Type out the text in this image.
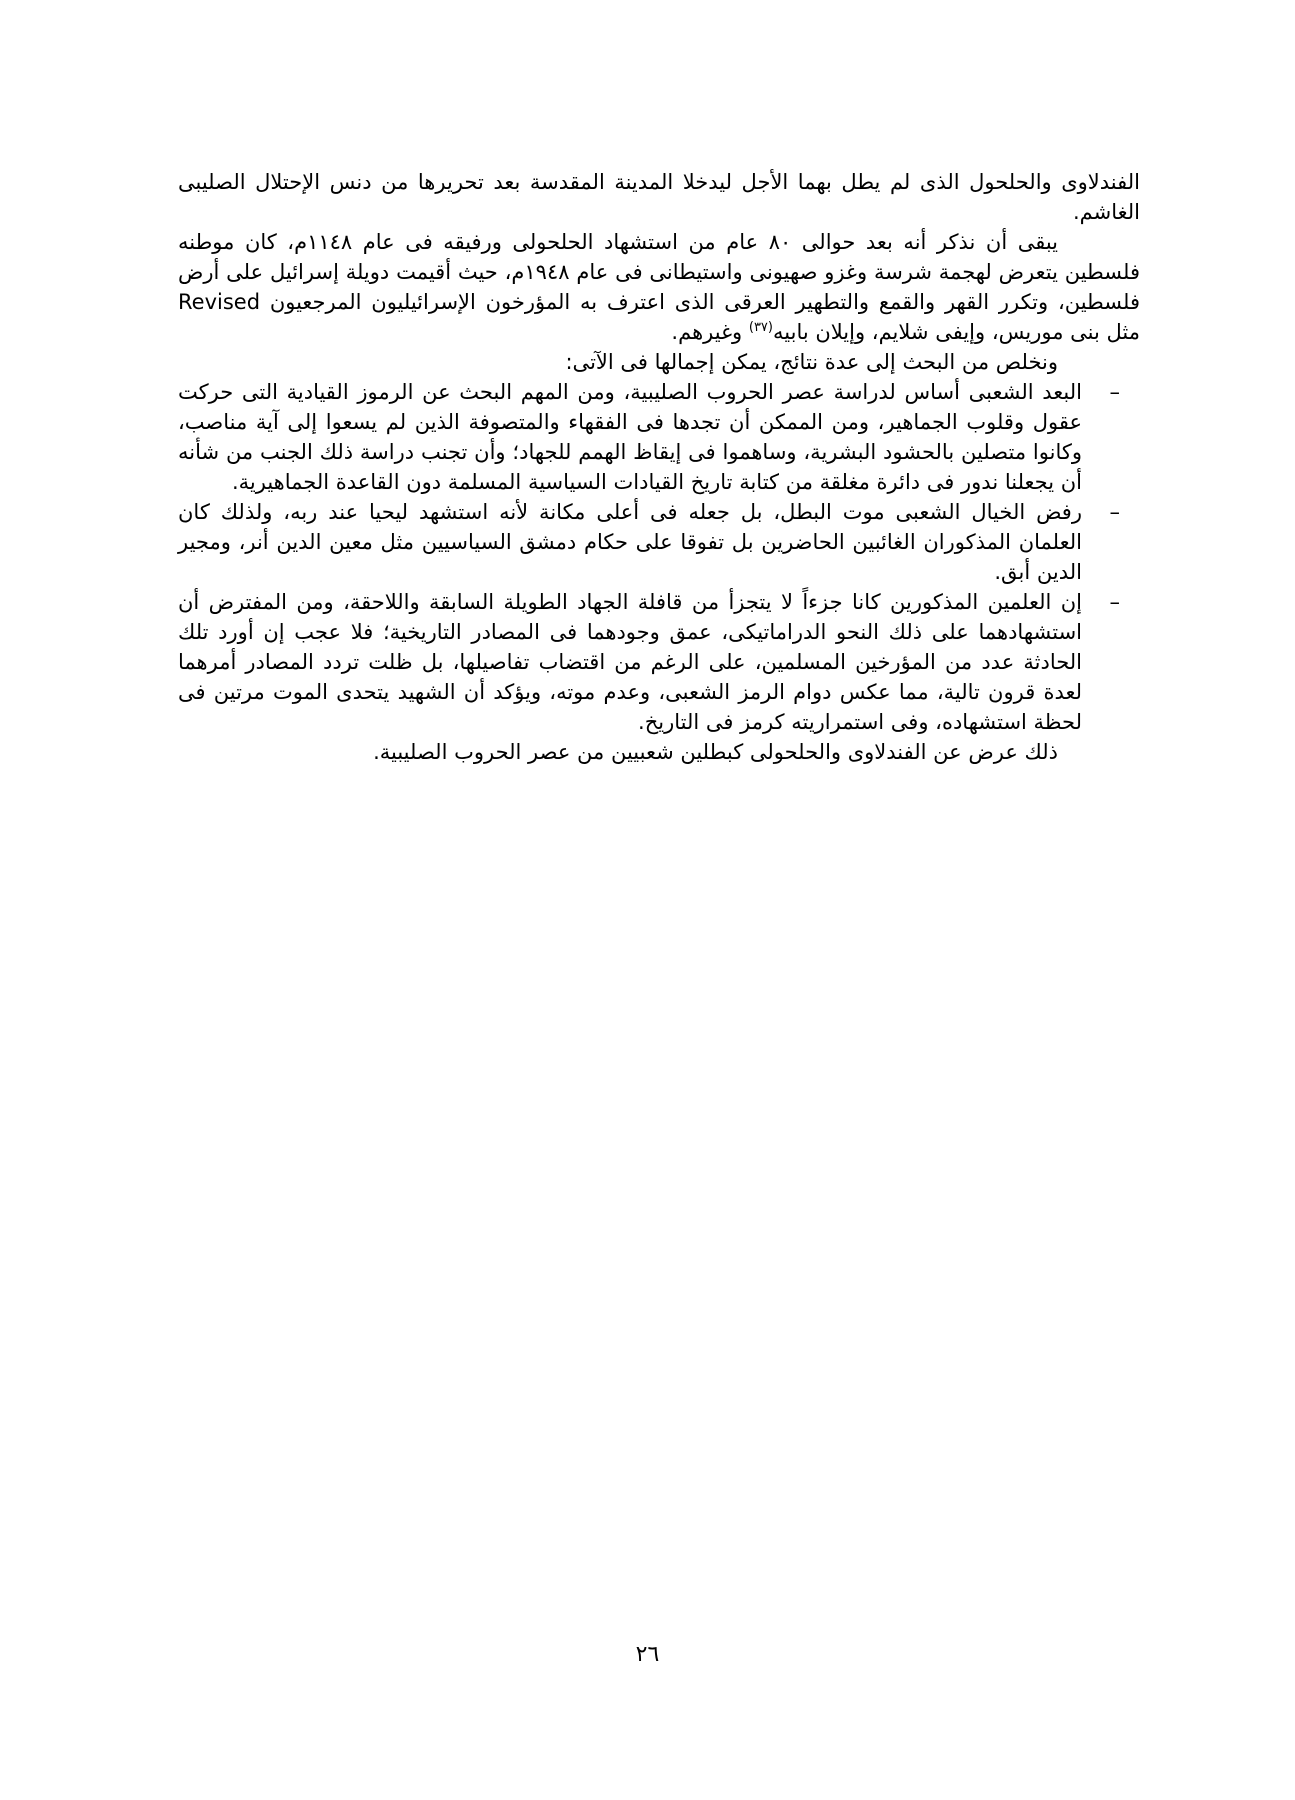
الفندلاوى والحلحول الذى لم يطل بهما الأجل ليدخلا المدينة المقدسة بعد تحريرها من دنس الإحتلال الصليبى الغاشم.

يبقى أن نذكر أنه بعد حوالى ٨٠ عام من استشهاد الحلحولى ورفيقه فى عام ١١٤٨م، كان موطنه فلسطين يتعرض لهجمة شرسة وغزو صهيونى واستيطانى فى عام ١٩٤٨م، حيث أقيمت دويلة إسرائيل على أرض فلسطين، وتكرر القهر والقمع والتطهير العرقى الذى اعترف به المؤرخون الإسرائيليون المرجعيون Revised مثل بنى موريس، وإيفى شلايم، وإيلان بابيه$^{(٣٧)}$ وغيرهم.

ونخلص من البحث إلى عدة نتائج، يمكن إجمالها فى الآتى:

–
البعد الشعبى أساس لدراسة عصر الحروب الصليبية، ومن المهم البحث عن الرموز القيادية التى حركت عقول وقلوب الجماهير، ومن الممكن أن تجدها فى الفقهاء والمتصوفة الذين لم يسعوا إلى آية مناصب، وكانوا متصلين بالحشود البشرية، وساهموا فى إيقاظ الهمم للجهاد؛ وأن تجنب دراسة ذلك الجنب من شأنه أن يجعلنا ندور فى دائرة مغلقة من كتابة تاريخ القيادات السياسية المسلمة دون القاعدة الجماهيرية.
–
رفض الخيال الشعبى موت البطل، بل جعله فى أعلى مكانة لأنه استشهد ليحيا عند ربه، ولذلك كان العلمان المذكوران الغائبين الحاضرين بل تفوقا على حكام دمشق السياسيين مثل معين الدين أنر، ومجير الدين أبق.
–
إن العلمين المذكورين كانا جزءاً لا يتجزأ من قافلة الجهاد الطويلة السابقة واللاحقة، ومن المفترض أن استشهادهما على ذلك النحو الدراماتيكى، عمق وجودهما فى المصادر التاريخية؛ فلا عجب إن أورد تلك الحادثة عدد من المؤرخين المسلمين، على الرغم من اقتضاب تفاصيلها، بل ظلت تردد المصادر أمرهما لعدة قرون تالية، مما عكس دوام الرمز الشعبى، وعدم موته، ويؤكد أن الشهيد يتحدى الموت مرتين فى لحظة استشهاده، وفى استمراريته كرمز فى التاريخ.

ذلك عرض عن الفندلاوى والحلحولى كبطلين شعبيين من عصر الحروب الصليبية.

٢٦
